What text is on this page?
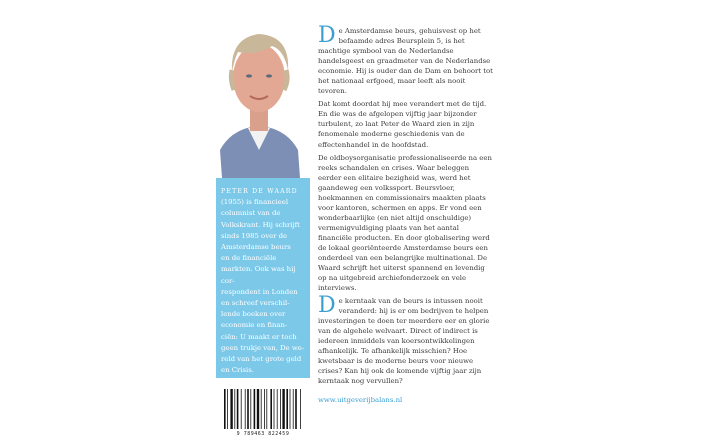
PETER DE WAARD
(1955) is financieel
columnist van de
Volkskrant. Hij schrijft
sinds 1985 over de
Amsterdamse beurs
en de financiële markten. Ook was hij cor-
respondent in Londen
en schreef verschil-
lende boeken over
economie en finan-
ciën: U maakt er toch
geen trukje van, De we-
reld van het grote geld
en Crisis.
9 789463 822459

De Amsterdamse beurs, gehuisvest op het befaamde adres Beursplein 5, is het machtige symbool van de Nederlandse handelsgeest en graadmeter van de Nederlandse economie. Hij is ouder dan de Dam en behoort tot het nationaal erfgoed, maar leeft als nooit tevoren.

Dat komt doordat hij mee verandert met de tijd. En die was de afgelopen vijftig jaar bijzonder turbulent, zo laat Peter de Waard zien in zijn fenomenale moderne geschiedenis van de effectenhandel in de hoofdstad.

De oldboysorganisatie professionaliseerde na een reeks schandalen en crises. Waar beleggen eerder een elitaire bezigheid was, werd het gaandeweg een volkssport. Beursvloer, hoekmannen en commissionairs maakten plaats voor kantoren, schermen en apps. Er vond een wonderbaarlijke (en niet altijd onschuldige) vermenigvuldiging plaats van het aantal financiële producten. En door globalisering werd de lokaal georiënteerde Amsterdamse beurs een onderdeel van een belangrijke multinational. De Waard schrijft het uiterst spannend en levendig op na uitgebreid archiefonderzoek en vele interviews.

De kerntaak van de beurs is intussen nooit veranderd: hij is er om bedrijven te helpen investeringen te doen ter meerdere eer en glorie van de algehele welvaart. Direct of indirect is iedereen inmiddels van koersontwikkelingen afhankelijk. Te afhankelijk misschien? Hoe kwetsbaar is de moderne beurs voor nieuwe crises? Kan hij ook de komende vijftig jaar zijn kerntaak nog vervullen?

www.uitgeverijbalans.nl
